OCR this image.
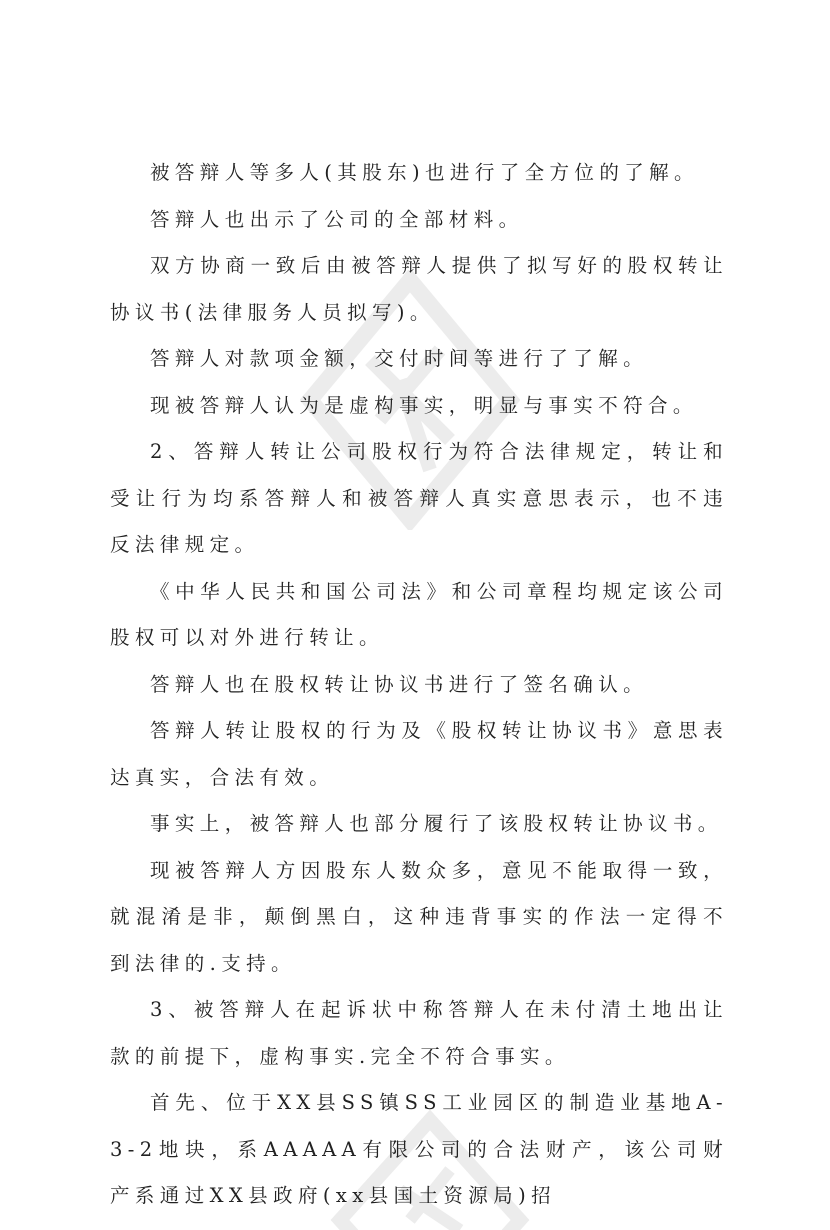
被答辩人等多人(其股东)也进行了全方位的了解。

答辩人也出示了公司的全部材料。

双方协商一致后由被答辩人提供了拟写好的股权转让协议书(法律服务人员拟写)。

答辩人对款项金额，交付时间等进行了了解。

现被答辩人认为是虚构事实，明显与事实不符合。

2、答辩人转让公司股权行为符合法律规定，转让和受让行为均系答辩人和被答辩人真实意思表示，也不违反法律规定。

《中华人民共和国公司法》和公司章程均规定该公司股权可以对外进行转让。

答辩人也在股权转让协议书进行了签名确认。

答辩人转让股权的行为及《股权转让协议书》意思表达真实，合法有效。

事实上，被答辩人也部分履行了该股权转让协议书。

现被答辩人方因股东人数众多，意见不能取得一致，就混淆是非，颠倒黑白，这种违背事实的作法一定得不到法律的.支持。

3、被答辩人在起诉状中称答辩人在未付清土地出让款的前提下，虚构事实.完全不符合事实。

首先、位于XX县SS镇SS工业园区的制造业基地A-3-2地块，系AAAAA有限公司的合法财产，该公司财产系通过XX县政府(xx县国土资源局)招
